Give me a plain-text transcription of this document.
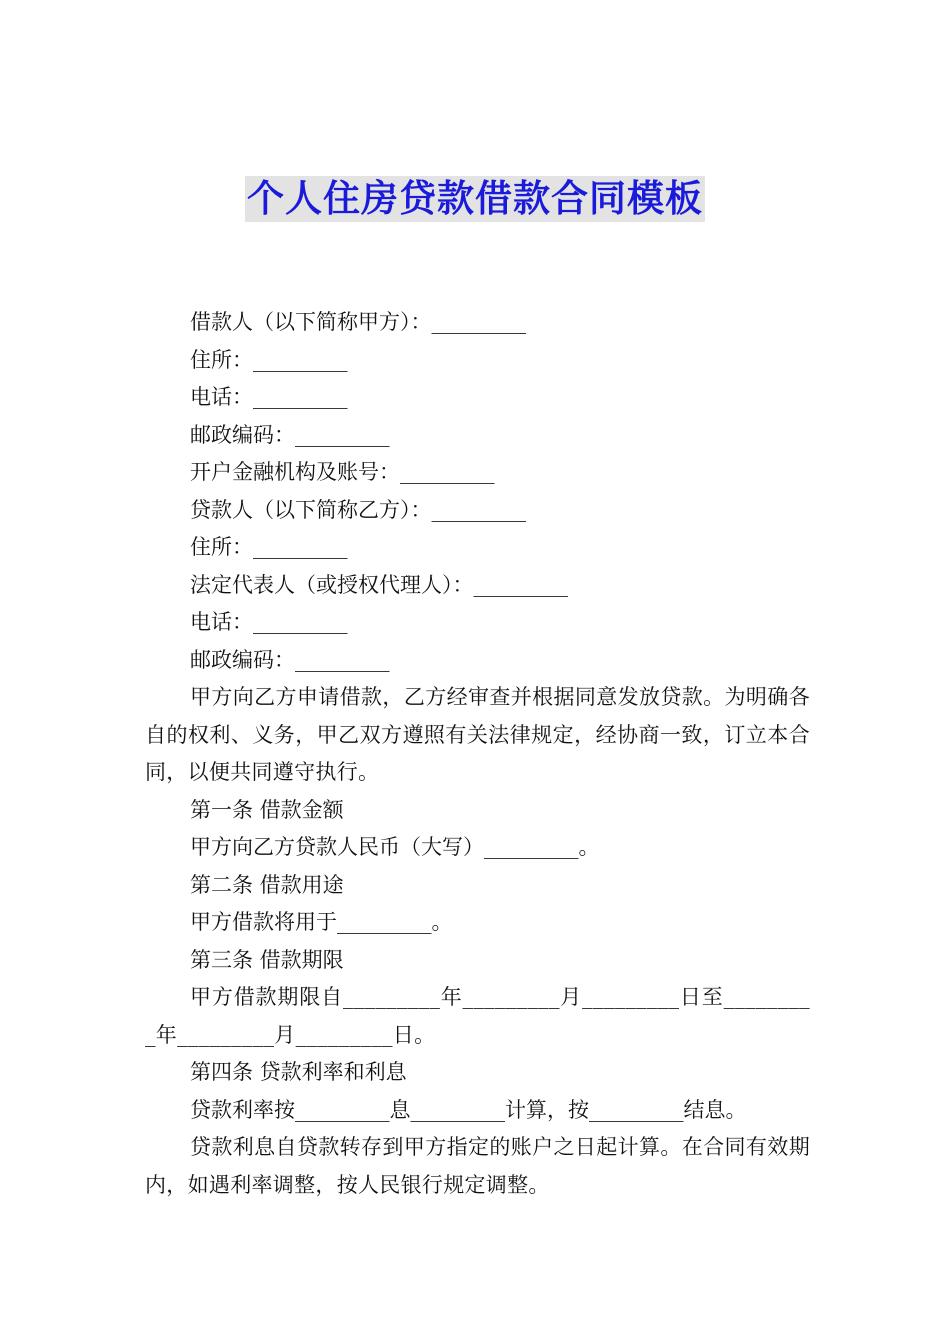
个人住房贷款借款合同模板
借款人（以下简称甲方）：_________
住所：_________
电话：_________
邮政编码：_________
开户金融机构及账号：_________
贷款人（以下简称乙方）：_________
住所：_________
法定代表人（或授权代理人）：_________
电话：_________
邮政编码：_________
甲方向乙方申请借款，乙方经审查并根据同意发放贷款。为明确各自的权利、义务，甲乙双方遵照有关法律规定，经协商一致，订立本合同，以便共同遵守执行。
第一条 借款金额
甲方向乙方贷款人民币（大写）_________。
第二条 借款用途
甲方借款将用于_________。
第三条 借款期限
甲方借款期限自_________年_________月_________日至_________年_________月_________日。
第四条 贷款利率和利息
贷款利率按_________息_________计算，按_________结息。
贷款利息自贷款转存到甲方指定的账户之日起计算。在合同有效期内，如遇利率调整，按人民银行规定调整。
